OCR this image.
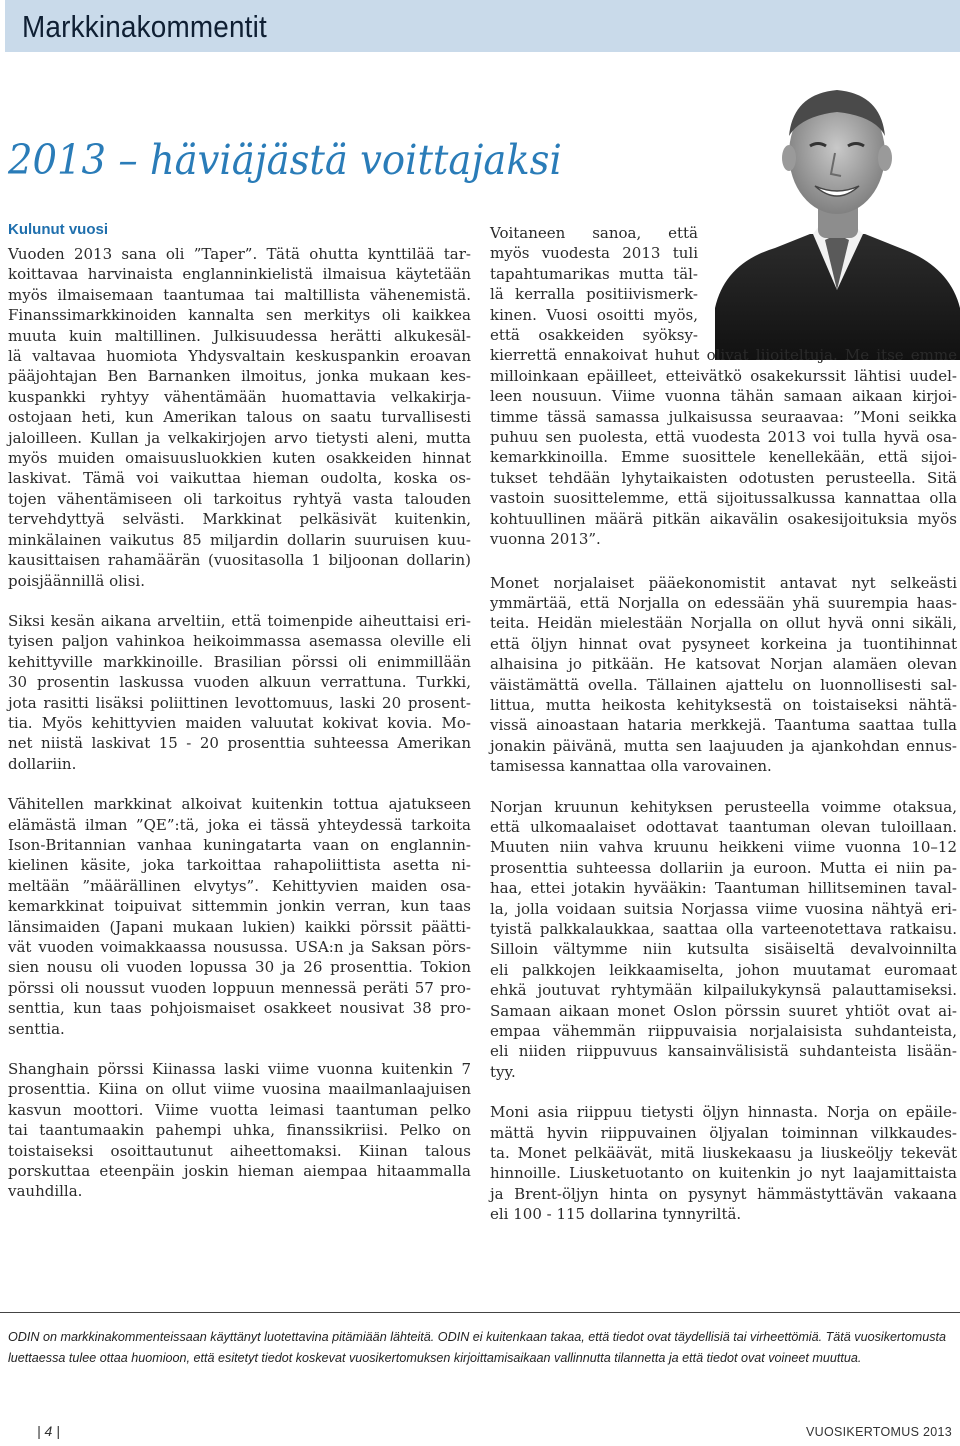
Markkinakommentit
2013 – häviäjästä voittajaksi
Kulunut vuosi

Vuoden 2013 sana oli ”Taper”. Tätä ohutta kynttilää tar-
koittavaa harvinaista englanninkielistä ilmaisua käytetään
myös ilmaisemaan taantumaa tai maltillista vähenemistä.
Finanssimarkkinoiden kannalta sen merkitys oli kaikkea
muuta kuin maltillinen. Julkisuudessa herätti alkukesäl-
lä valtavaa huomiota Yhdysvaltain keskuspankin eroavan
pääjohtajan Ben Barnanken ilmoitus, jonka mukaan kes-
kuspankki ryhtyy vähentämään huomattavia velkakirja-
ostojaan heti, kun Amerikan talous on saatu turvallisesti
jaloilleen. Kullan ja velkakirjojen arvo tietysti aleni, mutta
myös muiden omaisuusluokkien kuten osakkeiden hinnat
laskivat. Tämä voi vaikuttaa hieman oudolta, koska os-
tojen vähentämiseen oli tarkoitus ryhtyä vasta talouden
tervehdyttyä selvästi. Markkinat pelkäsivät kuitenkin,
minkälainen vaikutus 85 miljardin dollarin suuruisen kuu-
kausittaisen rahamäärän (vuositasolla 1 biljoonan dollarin)
poisjäännillä olisi.

Siksi kesän aikana arveltiin, että toimenpide aiheuttaisi eri-
tyisen paljon vahinkoa heikoimmassa asemassa oleville eli
kehittyville markkinoille. Brasilian pörssi oli enimmillään
30 prosentin laskussa vuoden alkuun verrattuna. Turkki,
jota rasitti lisäksi poliittinen levottomuus, laski 20 prosent-
tia. Myös kehittyvien maiden valuutat kokivat kovia. Mo-
net niistä laskivat 15 - 20 prosenttia suhteessa Amerikan
dollariin.

Vähitellen markkinat alkoivat kuitenkin tottua ajatukseen
elämästä ilman ”QE”:tä, joka ei tässä yhteydessä tarkoita
Ison-Britannian vanhaa kuningatarta vaan on englannin-
kielinen käsite, joka tarkoittaa rahapoliittista asetta ni-
meltään ”määrällinen elvytys”. Kehittyvien maiden osa-
kemarkkinat toipuivat sittemmin jonkin verran, kun taas
länsimaiden (Japani mukaan lukien) kaikki pörssit päätti-
vät vuoden voimakkaassa nousussa. USA:n ja Saksan pörs-
sien nousu oli vuoden lopussa 30 ja 26 prosenttia. Tokion
pörssi oli noussut vuoden loppuun mennessä peräti 57 pro-
senttia, kun taas pohjoismaiset osakkeet nousivat 38 pro-
senttia.

Shanghain pörssi Kiinassa laski viime vuonna kuitenkin 7
prosenttia. Kiina on ollut viime vuosina maailmanlaajuisen
kasvun moottori. Viime vuotta leimasi taantuman pelko
tai taantumaakin pahempi uhka, finanssikriisi. Pelko on
toistaiseksi osoittautunut aiheettomaksi. Kiinan talous
porskuttaa eteenpäin joskin hieman aiempaa hitaammalla
vauhdilla.

Voitaneen sanoa, että
myös vuodesta 2013 tuli
tapahtumarikas mutta täl-
lä kerralla positiivismerk-
kinen. Vuosi osoitti myös,
että osakkeiden syöksy-
kierrettä ennakoivat huhut olivat liioiteltuja. Me itse emme
milloinkaan epäilleet, etteivätkö osakekurssit lähtisi uudel-
leen nousuun. Viime vuonna tähän samaan aikaan kirjoi-
timme tässä samassa julkaisussa seuraavaa: ”Moni seikka
puhuu sen puolesta, että vuodesta 2013 voi tulla hyvä osa-
kemarkkinoilla. Emme suosittele kenellekään, että sijoi-
tukset tehdään lyhytaikaisten odotusten perusteella. Sitä
vastoin suosittelemme, että sijoitussalkussa kannattaa olla
kohtuullinen määrä pitkän aikavälin osakesijoituksia myös
vuonna 2013”.

Monet norjalaiset pääekonomistit antavat nyt selkeästi
ymmärtää, että Norjalla on edessään yhä suurempia haas-
teita. Heidän mielestään Norjalla on ollut hyvä onni sikäli,
että öljyn hinnat ovat pysyneet korkeina ja tuontihinnat
alhaisina jo pitkään. He katsovat Norjan alamäen olevan
väistämättä ovella. Tällainen ajattelu on luonnollisesti sal-
littua, mutta heikosta kehityksestä on toistaiseksi nähtä-
vissä ainoastaan hataria merkkejä. Taantuma saattaa tulla
jonakin päivänä, mutta sen laajuuden ja ajankohdan ennus-
tamisessa kannattaa olla varovainen.

Norjan kruunun kehityksen perusteella voimme otaksua,
että ulkomaalaiset odottavat taantuman olevan tuloillaan.
Muuten niin vahva kruunu heikkeni viime vuonna 10–12
prosenttia suhteessa dollariin ja euroon. Mutta ei niin pa-
haa, ettei jotakin hyvääkin: Taantuman hillitseminen taval-
la, jolla voidaan suitsia Norjassa viime vuosina nähtyä eri-
tyistä palkkalaukkaa, saattaa olla varteenotettava ratkaisu.
Silloin vältymme niin kutsulta sisäiseltä devalvoinnilta
eli palkkojen leikkaamiselta, johon muutamat euromaat
ehkä joutuvat ryhtymään kilpailukykynsä palauttamiseksi.
Samaan aikaan monet Oslon pörssin suuret yhtiöt ovat ai-
empaa vähemmän riippuvaisia norjalaisista suhdanteista,
eli niiden riippuvuus kansainvälisistä suhdanteista lisään-
tyy.

Moni asia riippuu tietysti öljyn hinnasta. Norja on epäile-
mättä hyvin riippuvainen öljyalan toiminnan vilkkaudes-
ta. Monet pelkäävät, mitä liuskekaasu ja liuskeöljy tekevät
hinnoille. Liusketuotanto on kuitenkin jo nyt laajamittaista
ja Brent-öljyn hinta on pysynyt hämmästyttävän vakaana
eli 100 - 115 dollarina tynnyriltä.

ODIN on markkinakommenteissaan käyttänyt luotettavina pitämiään lähteitä. ODIN ei kuitenkaan takaa, että tiedot ovat täydellisiä tai virheettömiä. Tätä vuosikertomusta luettaessa tulee ottaa huomioon, että esitetyt tiedot koskevat vuosikertomuksen kirjoittamisaikaan vallinnutta tilannetta ja että tiedot ovat voineet muuttua.
| 4 |	VUOSIKERTOMUS 2013
